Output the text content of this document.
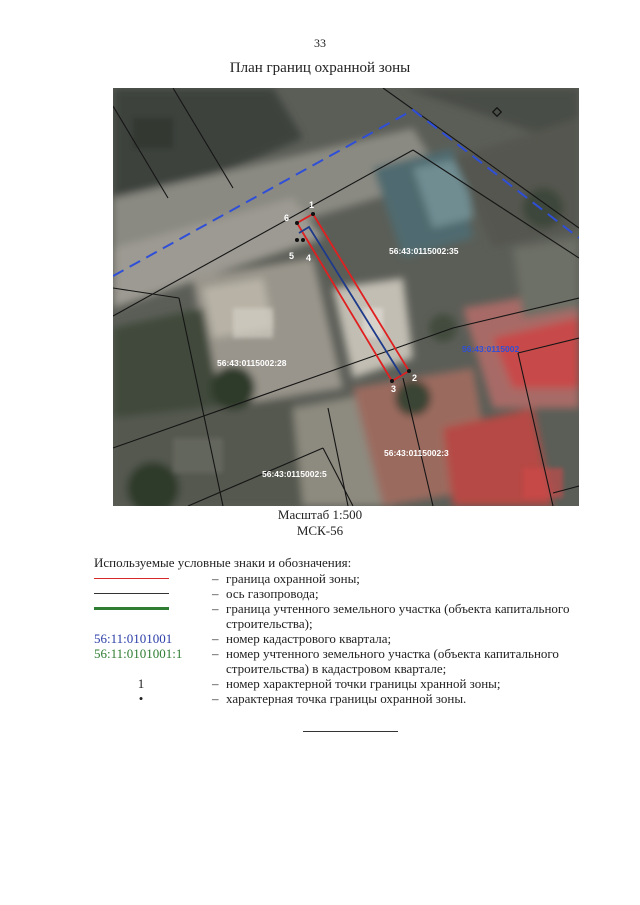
33
План границ охранной зоны
1
2
3
4
5
6
56:43:0115002:35
56:43:0115002:28
56:43:0115002:3
56:43:0115002:5
56:43:0115002
Масштаб 1:500
МСК-56
Используемые условные знаки и обозначения:
– граница охранной зоны;
– ось газопровода;
– граница учтенного земельного участка (объекта капитального строительства);
56:11:0101001	– номер кадастрового квартала;
56:11:0101001:1	– номер учтенного земельного участка (объекта капитального строительства) в кадастровом квартале;
1	– номер характерной точки границы хранной зоны;
•	– характерная точка границы охранной зоны.
